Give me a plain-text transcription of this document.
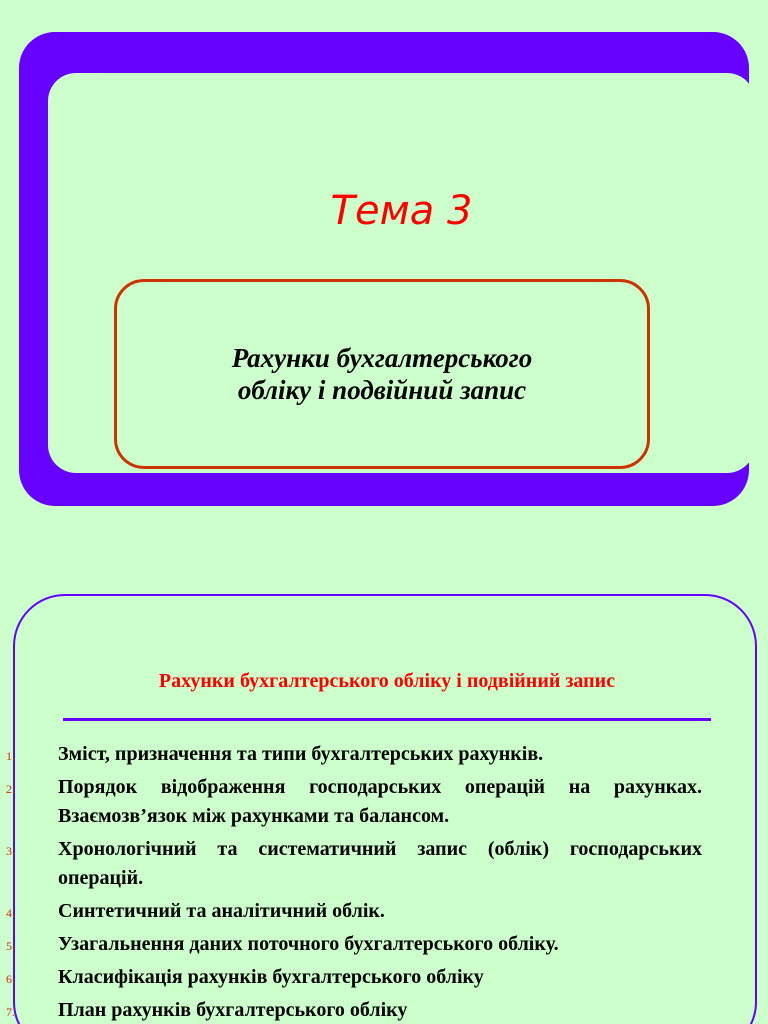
Тема 3

Рахунки бухгалтерського
обліку і подвійний запис

Рахунки бухгалтерського обліку і подвійний запис
1. Зміст, призначення та типи бухгалтерських рахунків.
2. Порядок відображення господарських операцій на рахунках. Взаємозв’язок між рахунками та балансом.
3. Хронологічний та систематичний запис (облік) господарських операцій.
4. Синтетичний та аналітичний облік.
5. Узагальнення даних поточного бухгалтерського обліку.
6. Класифікація рахунків бухгалтерського обліку
7. План рахунків бухгалтерського обліку
